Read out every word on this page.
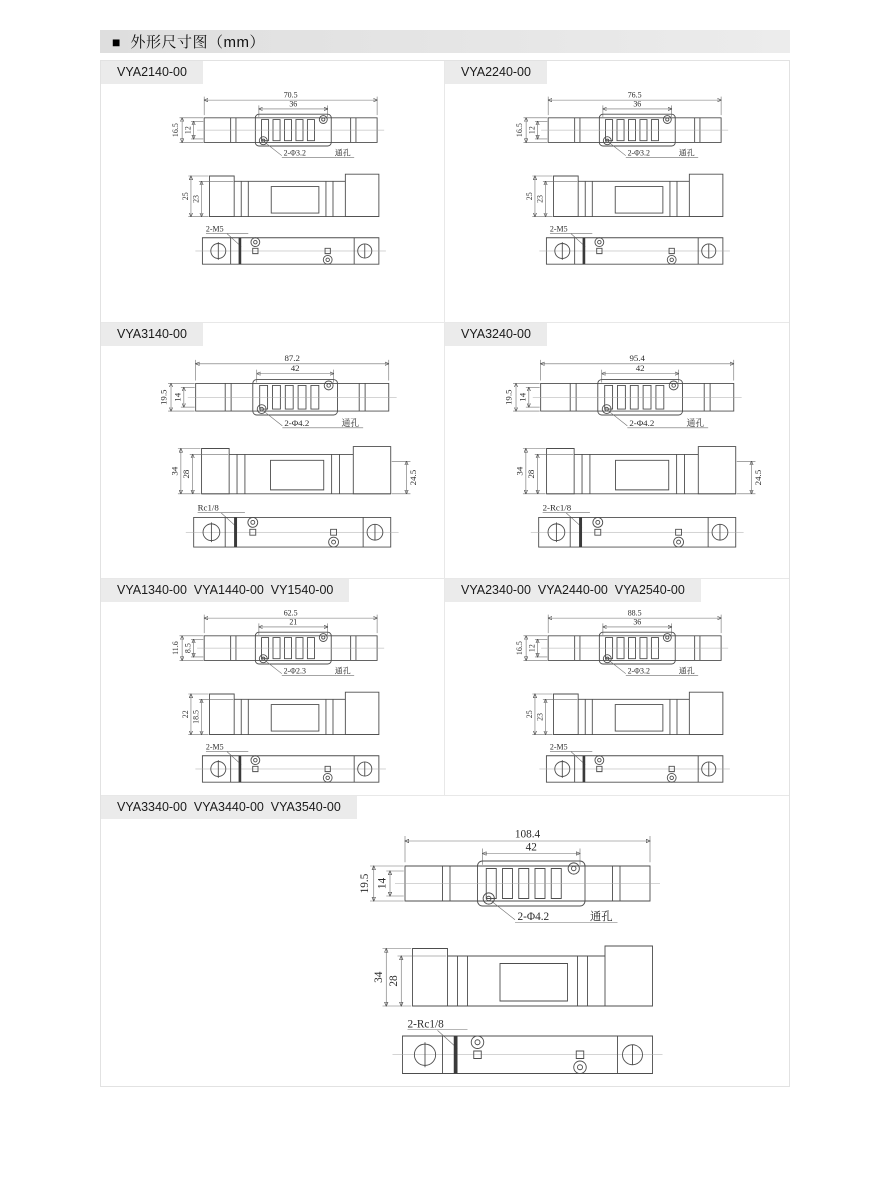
■ 外形尺寸图（mm）
VYA2140-00
70.5
36
16.5 12
2-Φ3.2	通孔
25 23
2-M5
VYA2240-00
76.5
36
16.5 12
2-Φ3.2	通孔
25 23
2-M5
VYA3140-00
87.2
42
19.5 14
2-Φ4.2	通孔
34 28	24.5
Rc1/8
VYA3240-00
95.4
42
19.5 14
2-Φ4.2	通孔
34 28	24.5
2-Rc1/8
VYA1340-00  VYA1440-00  VY1540-00
62.5
21
11.6 8.5
2-Φ2.3	通孔
22 18.5
2-M5
VYA2340-00  VYA2440-00  VYA2540-00
88.5
36
16.5 12
2-Φ3.2	通孔
25 23
2-M5
VYA3340-00  VYA3440-00  VYA3540-00
108.4
42
19.5 14
2-Φ4.2	通孔
34 28
2-Rc1/8
